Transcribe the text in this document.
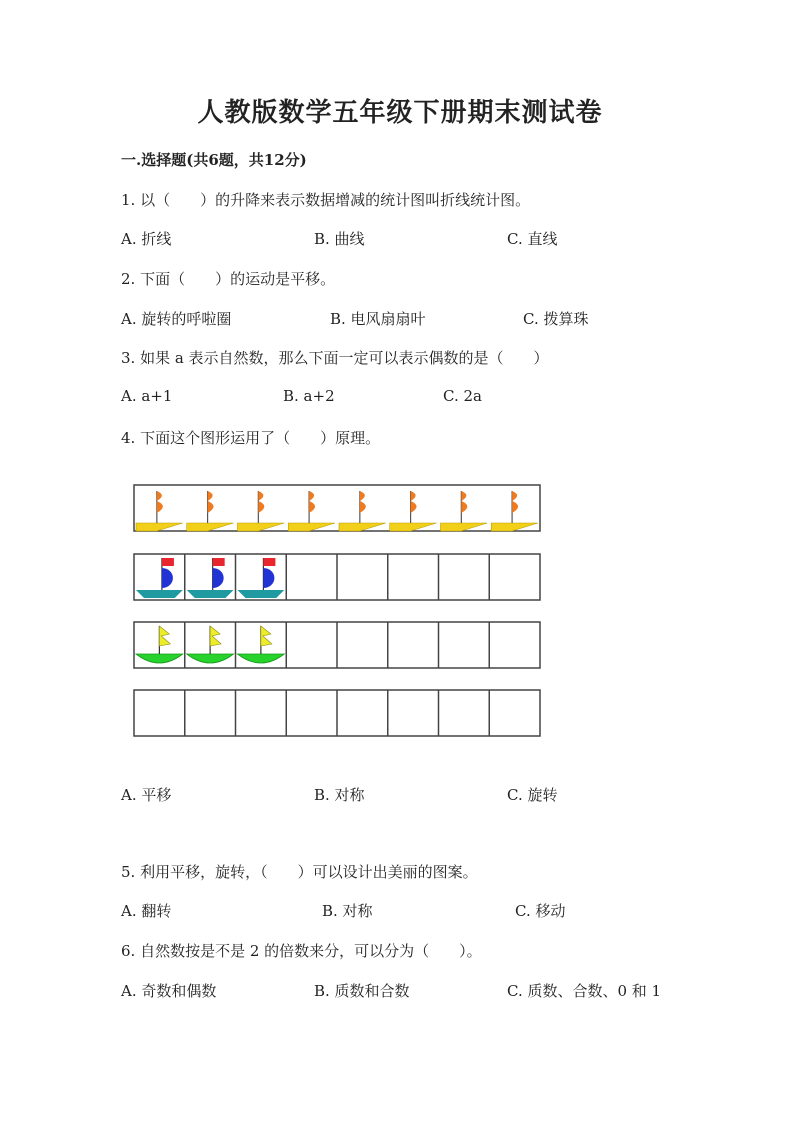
人教版数学五年级下册期末测试卷
一.选择题(共6题，共12分)
1. 以（　　）的升降来表示数据增减的统计图叫折线统计图。
A. 折线	B. 曲线	C. 直线
2. 下面（　　）的运动是平移。
A. 旋转的呼啦圈	B. 电风扇扇叶	C. 拨算珠
3. 如果 a 表示自然数，那么下面一定可以表示偶数的是（　　）
A. a+1	B. a+2	C. 2a
4. 下面这个图形运用了（　　）原理。
A. 平移	B. 对称	C. 旋转
5. 利用平移，旋转，（　　）可以设计出美丽的图案。
A. 翻转	B. 对称	C. 移动
6. 自然数按是不是 2 的倍数来分，可以分为（　　）。
A. 奇数和偶数	B. 质数和合数	C. 质数、合数、0 和 1
